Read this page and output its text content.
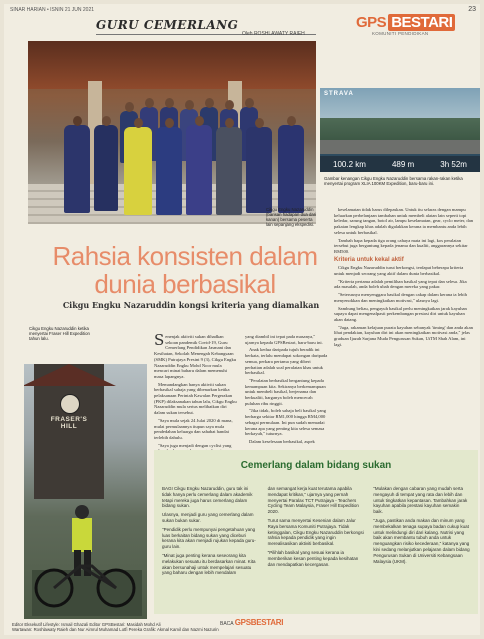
SINAR HARIAN • ISNIN 21 JUN 2021	23
GURU CEMERLANG
Oleh ROSHLAWATY RAIEH
GPS BESTARI
KOMUNITI PENDIDIKAN
Cikgu Engku Nazaruddin (barisan hadapan dua dari kanan) bersama peserta lain sepanjang ekspedisi.
STRAVA
100.2 km	489 m	3h 52m
Gambar kenangan Cikgu Engku Nazaruddin bersama rakan-rakan ketika menyertai program XLIA 100KM Expedition, baru-baru ini.
Rahsia konsisten dalam dunia berbasikal
Cikgu Engku Nazaruddin kongsi kriteria yang diamalkan

keselamatan tidak harus dilepaskan. Untuk itu selaras dengan mampu keluarkan perbelanjaan tambahan untuk membeli alatan lain seperti topi keledar, sarung tangan, botol air, lampu keselamatan, gear, cyclo meter, dan pakaian lengkap khas adalah digalakkan kerana ia membantu anda lebih selesa untuk berbasikal.

Tambah bapa kepada tiga orang cahaya mata ini lagi, kos peralatan tersebut juga bergantung kepada jenama dan kualiti, anggarannya sekitar RM500.

Kriteria untuk kekal aktif

Cikgu Engku Nazaruddin turut berkongsi, terdapat beberapa kriteria untuk menjadi seorang yang aktif dalam dunia berbasikal.

"Kriteria pertama adalah pemilihan basikal yang tepat dan selesa. Jika ada masalah, anda boleh ubah dengan mereka yang pakar.

"Seterusnya menyenggara basikal dengan cakap dalam kerana ia lebih menyenokkan dan meningkatkan motivasi," ulasnya lagi.

Sambung beliau, pengayuh basikal perlu meningkatkan jarak kayuhan supaya dapat mengenalpasti perkembangan prestasi diri untuk kayuhan akan datang.

"Juga, rakaman kelajuan purata kayuhan sebanyak 'timing' dan anda akan lihat pendakian, kayuhan diri ini akan meningkatkan motivasi anda," jelas graduan Ijazah Sarjana Muda Pengurusan Sukan, UiTM Shah Alam, ini lagi.

Cikgu Engku Nazaruddin ketika menyertai Fraser Hill Expedition tahun lalu.
FRASER'S HILL

Senenjak aktiviti sukan dihadkan sekoan pandemik Covid-19, Guru Cemerlang Pendidikan Jasmani dan Kesihatan, Sekolah Menengah Kebangsaan (SMK) Putrajaya Presint 9 (3), Cikgu Engku Nazaruddin Engku Mohd Noor mula mencari minat baharu dalam memenuhi masa lapangnya.

Memandangkan hanya aktiviti sukan berbasikal sahaja yang dibenarkan ketika pelaksanaan Perintah Kawalan Pergerakan (PKP) dilaksanakan tahun lalu, Cikgu Engku Nazaruddin mula serius melibatkan diri dalam sukan tersebut.

"Saya mula sejak 24 Julai 2020 di mana, mulai permulaannya itupun saya mula pendedahan keluarga dan sahabat handai terlebih dahulu.

"Saya juga menjadi dengan cyclist yang yang diambil ini tepat pada masanya," ujarnya kepada GPSBestari, baru-baru ini.

Anak kedua daripada tujuh beradik ini berkata, terlalu mendapat sokongan daripada semua, perkara pertama yang diberi perhatian adalah soal peralatan khas untuk berbasikal.

"Peralatan berbasikal bergantung kepada kemampuan kita. Sekiranya berkemampuan untuk membeli basikal, berjenama dan berkualiti, harganya boleh mencecah puluhan ribu ringgit.

"Jika tidak, boleh sahaja beli basikal yang berharga sekitar RM1,000 hingga RM4,000 sebagai permulaan. Ini pun sudah memadai kerana apa yang penting kita selesa semasa berkayuh," tuturnya.

Dalam keselesaan berbasikal, aspek

Cemerlang dalam bidang sukan

BAGI Cikgu Engku Nazaruddin, guru tak ini tidak hanya perlu cemerlang dalam akademik tetapi mereka juga harus cemerlang dalam bidang sukan.

Ulasnya, menjadi guru yang cemerlang dalam sukan bukan sukar.

"Pendidik perlu mempunyai pengetahuan yang luas berkaitan bidang sukan yang diceburi kerana kita akan menjadi rujukan kepada guru-guru lain.

"Minat juga penting kerana seseorang kita melakukan sesuatu itu berdasarkan minat. Kita akan bersunahaji untuk mempelajari sesuatu yang baharu dengan lebih mendalam

dan semangat kerja kuat terutama apabila mendapat kritikan," ujarnya yang pernah menyertai Paralax TCT Putrajaya - Teachers Cycling Team Malaysia, Fraser Hill Expedition 2020.

Turut sama menyertai Kesenian dalam Jalur Raya bersama Komuniti Putrajaya. Tidak ketinggalan, Cikgu Engku Nazaruddin berkongsi rahsia kepada pendidik yang ingin merealisasikan aktiviti berbasikal.

"Pilihlah basikal yang sesuai kerana ia memberikan kesan penting kepada kesihatan dan mendapatkan kecergasan.

"Mulakan dengan cabaran yang mudah serta mengayuh di tempat yang rata dan lebih dan untuk tingkatkan kepantasan. Tambahkan jarak kayuhan apabila prestasi kayuhan semakin baik.

"Juga, pastikan anda makan dan minum yang membekalkan tenaga supaya badan cukup kuat untuk melindungi diri dari kalang. Nutrisi yang baik akan membantu tubuh anda untuk menguangkan risiko kecederaan," katanya yang kini sedang melanjutkan pelajaran dalam bidang Pengurusan Sukan di Universiti Kebangsaan Malaysia (UKM).

BACA GPSBESTARI
Editor Eksekutif Lifestyle: Ismail Ghazali Editor GPSBestari: Masidah Mohd Ali
Wartawan: Roshlawaty Raieh dan Nur Aimrul Muhamad Lotfi Pereka Grafik: Akmal Kamil dan Nazmi Nazurin
